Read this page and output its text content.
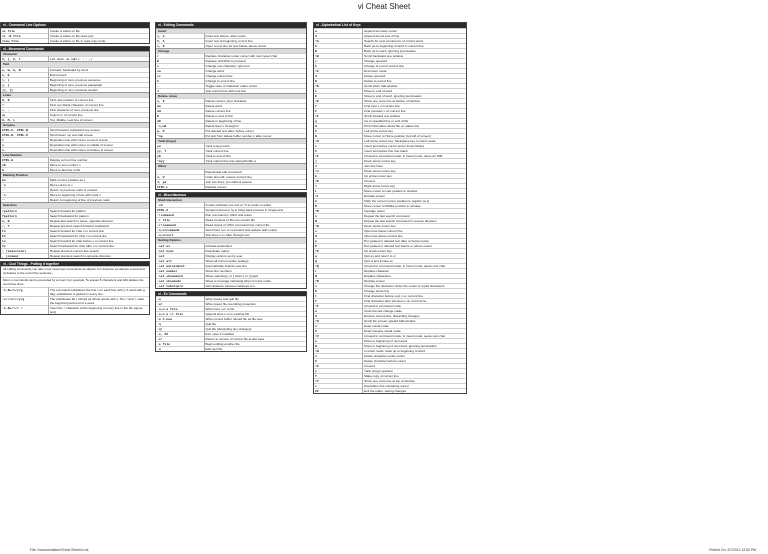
vi Cheat Sheet
vi - Command Line Options
vi file	Invoke vi editor on file
vi -R file	Invoke vi editor on file read-only
view file	Invoke vi editor on file in read-only mode
vi - Movement Commands
Character
h, j, k, l	Left, down, up, right (← ↓ ↑ →)
Text
w, W, b, B	Forward, backward by word
e, E	End of word
), (	Beginning of next, previous sentence
}, {	Beginning of next, previous paragraph
]], [[	Beginning of next, previous section
Lines
0, $	First, last position of current line
^	First non-blank character of current line
+, -	First character of next, previous line
n|	Column n of current line
H, M, L	Top, Middle, Last line of screen
Screens
CTRL-F, CTRL-B	Scroll forward, backward one screen
CTRL-D, CTRL-U	Scroll down, up one-half screen
z	Reposition line with cursor to top of screen
z.	Reposition line with cursor to middle of screen
z-	Reposition line with cursor to bottom of screen
Line Number
CTRL-G	Display current line number
nG	Move to line number n
G	Move to last line in file
Marking Position
mx	Mark current position as x
`x	Move cursor to x
``	Return to previous mark or context
'x	Move to beginning of line with mark x
''	Return to beginning of line of previous mark
Searches
/pattern	Search forward for pattern
?pattern	Search backward for pattern
n, N	Repeat last search in same, opposite direction
/, ?	Repeat previous search forward, backward
fx	Search forward for char x in current line
Fx	Search backward for char x in current line
tx	Search forward for char before x in current line
Tx	Search backward for char after x in current line
; (semicolon)	Repeat previous current-line search
, (comma)	Repeat previous search in opposite direction
vi - Cool Things - Putting it together
All editing commands can take most movement commands as objects. For instance cw deletes a word and d} deletes to the end of the sentence.
Most vi commands can be preceded by a count. For example, 5x erases 5 characters and 3dd deletes the next three lines.
:1,$s/x/y/g	The command substitutes the first x on each line with y. If used with g flag, substitution is global on every line.
:s/\<x\>/y/g	The substitutes all x strings as whole words with y. The < and > mark the beginning and end of a word.
:1,$s/^/> /	Insert the > character at the beginning of every line in the file (quote text).
vi - Editing Commands
Insert
i, a	Insert text before, after cursor
I, A	Insert text at beginning, end of line
o, O	Open a new line for text below, above cursor
Change
r	Replace character under cursor with next typed char
R	Replace until ESC is pressed
s	Change one character; type text
cw	Change word
cc	Change current line
C	Change to end of line
~	Toggle case of character under cursor
J	Join current line with next line
Delete, move
x, X	Delete current, prior character
dw	Delete word
dd	Delete current line
D	Delete to end of line
d0	Delete to beginning of line
:n,md	Delete lines n through m
p, P	Put deleted text after, before cursor
"np	Put text from delete buffer number n after cursor
Yank (Copy)
yw	Yank (copy) word
yy, Y	Yank current line
y$	Yank to end of line
"ayy	Yank current line into named buffer a
Other
.	Repeat last edit command
u, U	Undo last edit; restore current line
J, gJ	Join two lines; join without spaces
CTRL-L	Redraw screen
vi - Miscellaneous
Shell Interaction
:sh	Invoke subshell; use exit or ^d to return to editor
CTRL-Z	Suspend process; fg to bring back process in foreground
:!command	Run command in UNIX and return
:r file	Read contents of file into current file
:r!command	Read output of UNIX command into current file
:n,m!command	Send lines n-m to command and replace with output
:n,m!sort	Sort lines n-m; filter through sort
Setting Options
:set ai	Activate autoindent
:set noai	Deactivate option
:set	Display options set by user
:set all	Show all current option settings
:set autoindent	Automatically indents new line
:set number	Show line numbers
:set showmatch	Show matching ( or { when ) or } typed
:set showmode	Show a message indicating when in input mode
:set tabstop=n	Sets distance between tabstops to n
vi - Ex Commands
:w	Write (save) and quit file
:w!	Write (save) file overriding protection
:n,m w file	Write lines n-m to file
:n,m w >> file	Append lines n-m to existing file
:w %.new	Write current buffer named file as file.new
:q	Quit file
:q!	Quit file (discarding any changes)
:x, ZZ	Exit, save if modified
:e!	Return to version of current file at last save
:e file	Begin editing another file
:n	Edit next file
vi - Alphabetical List of Keys
a	Append text after cursor
A	Append text at end of line
^A	Search for next occurrence of current word
b	Back up to beginning of word in current line
B	Back up to word, ignoring punctuation
^B	Scroll backward one window
c	Change operator
C	Change to end of current line
^C	End insert mode
d	Delete operator
D	Delete to end of line
^D	Scroll down half-window
e	Move to end of word
E	Move to end of word, ignoring punctuation
^E	Show one more line at bottom of window
f	Find next x on current line
F	Find previous x on current line
^F	Scroll forward one window
g	Go to specified line or end of file
G	Print information about file on status line
h	Left arrow cursor key
H	Move cursor to Home position (top left of screen)
^H	Left arrow cursor key; backspace key in insert mode
i	Insert text before cursor (enter Insert Mode)
I	Insert text before first non-blank
^I	Unused in command mode; in insert mode, same as TAB
j	Down arrow cursor key
J	Join two lines
^J	Down arrow cursor key
k	Up arrow cursor key
^K	Unused
l	Right arrow cursor key
L	Move cursor to Last position in window
^L	Redraw screen
m	Mark the current cursor position in register (a-z)
M	Move cursor to Middle position in window
^M	Carriage return
n	Repeat the last search command
N	Repeat the last search command in reverse direction
^N	Down arrow cursor key
o	Open line below current line
O	Open line above current line
p	Put yanked or deleted text after or below cursor
P	Put yanked or deleted text before or above cursor
^P	Up arrow cursor key
q	Quit ex and return to vi
Q	Quit vi and invoke ex
^Q	Unused in command mode; in insert mode, quote next char
r	Replace character
R	Replace characters
^R	Redraw screen
s	Change the character under the cursor to typed characters
S	Change entire line
t	Find character before next x on current line
T	Find character after previous x on current line
^T	Unused in command mode
u	Undo the last change made
U	Restore current line, discarding changes
^U	Scroll the screen upward half-window
v	Enter visual mode
V	Enter linewise visual mode
^V	Unused in command mode; in insert mode, quote next char
w	Move to beginning of next word
W	Move to beginning of next word, ignoring punctuation
^W	In insert mode, back up to beginning of word
x	Delete character under cursor
X	Delete character before cursor
^X	Unused
y	Yank (copy) operator
Y	Make copy of current line
^Y	Show one more line at top of window
z	Reposition line containing cursor
ZZ	Exit the editor, saving changes
File: Documentation/Cheat Sheet/vi.xls	Printed On: 2/7/2012 12:52 PM
